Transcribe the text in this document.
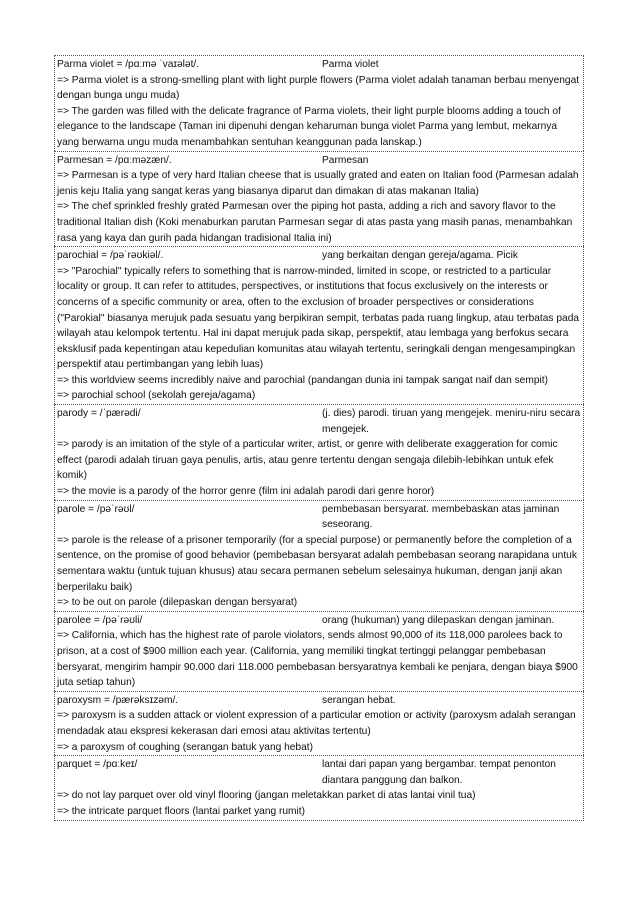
Parma violet = /pɑːmə ˈvaɪələt/.	Parma violet
=> Parma violet is a strong-smelling plant with light purple flowers (Parma violet adalah tanaman berbau menyengat dengan bunga ungu muda)
=> The garden was filled with the delicate fragrance of Parma violets, their light purple blooms adding a touch of elegance to the landscape (Taman ini dipenuhi dengan keharuman bunga violet Parma yang lembut, mekarnya yang berwarna ungu muda menambahkan sentuhan keanggunan pada lanskap.)
Parmesan = /pɑːməzæn/.	Parmesan
=> Parmesan is a type of very hard Italian cheese that is usually grated and eaten on Italian food (Parmesan adalah jenis keju Italia yang sangat keras yang biasanya diparut dan dimakan di atas makanan Italia)
=> The chef sprinkled freshly grated Parmesan over the piping hot pasta, adding a rich and savory flavor to the traditional Italian dish (Koki menaburkan parutan Parmesan segar di atas pasta yang masih panas, menambahkan rasa yang kaya dan gurih pada hidangan tradisional Italia ini)
parochial = /pəˈrəʊkiəl/.	yang berkaitan dengan gereja/agama. Picik
=> "Parochial" typically refers to something that is narrow-minded, limited in scope, or restricted to a particular locality or group. It can refer to attitudes, perspectives, or institutions that focus exclusively on the interests or concerns of a specific community or area, often to the exclusion of broader perspectives or considerations ("Parokial" biasanya merujuk pada sesuatu yang berpikiran sempit, terbatas pada ruang lingkup, atau terbatas pada wilayah atau kelompok tertentu. Hal ini dapat merujuk pada sikap, perspektif, atau lembaga yang berfokus secara eksklusif pada kepentingan atau kepedulian komunitas atau wilayah tertentu, seringkali dengan mengesampingkan perspektif atau pertimbangan yang lebih luas)
=> this worldview seems incredibly naive and parochial (pandangan dunia ini tampak sangat naif dan sempit)
=> parochial school (sekolah gereja/agama)
parody = /ˈpærədi/	(j. dies) parodi. tiruan yang mengejek. meniru-niru secara mengejek.
=> parody is an imitation of the style of a particular writer, artist, or genre with deliberate exaggeration for comic effect (parodi adalah tiruan gaya penulis, artis, atau genre tertentu dengan sengaja dilebih-lebihkan untuk efek komik)
=> the movie is a parody of the horror genre (film ini adalah parodi dari genre horor)
parole = /pəˈrəʊl/	pembebasan bersyarat. membebaskan atas jaminan seseorang.
=> parole is the release of a prisoner temporarily (for a special purpose) or permanently before the completion of a sentence, on the promise of good behavior (pembebasan bersyarat adalah pembebasan seorang narapidana untuk sementara waktu (untuk tujuan khusus) atau secara permanen sebelum selesainya hukuman, dengan janji akan berperilaku baik)
=> to be out on parole (dilepaskan dengan bersyarat)
parolee = /pəˈrəʊli/	orang (hukuman) yang dilepaskan dengan jaminan.
=> California, which has the highest rate of parole violators, sends almost 90,000 of its 118,000 parolees back to prison, at a cost of $900 million each year. (California, yang memiliki tingkat tertinggi pelanggar pembebasan bersyarat, mengirim hampir 90.000 dari 118.000 pembebasan bersyaratnya kembali ke penjara, dengan biaya $900 juta setiap tahun)
paroxysm = /pærəksɪzəm/.	serangan hebat.
=> paroxysm is a sudden attack or violent expression of a particular emotion or activity (paroxysm adalah serangan mendadak atau ekspresi kekerasan dari emosi atau aktivitas tertentu)
=> a paroxysm of coughing (serangan batuk yang hebat)
parquet = /pɑːkeɪ/	lantai dari papan yang bergambar. tempat penonton diantara panggung dan balkon.
=> do not lay parquet over old vinyl flooring (jangan meletakkan parket di atas lantai vinil tua)
=> the intricate parquet floors (lantai parket yang rumit)
